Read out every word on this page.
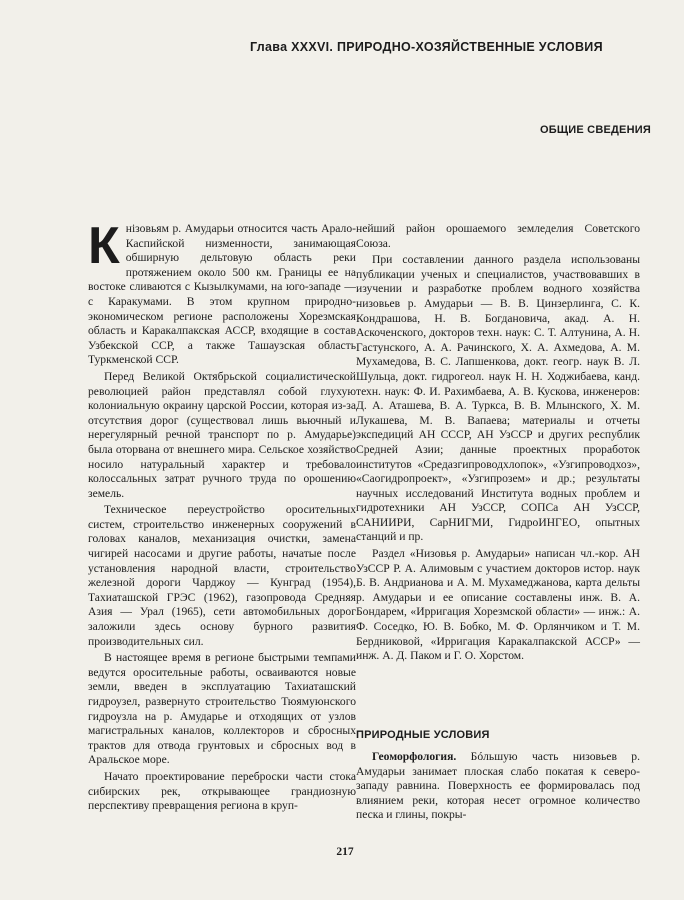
Глава XXXVI. ПРИРОДНО-ХОЗЯЙСТВЕННЫЕ УСЛОВИЯ
ОБЩИЕ СВЕДЕНИЯ

Кнізовьям р. Амударьи относится часть Арало-Каспийской низменности, занимающая обширную дельтовую область реки протяжением около 500 км. Границы ее на востоке сливаются с Кызылкумами, на юго-западе — с Каракумами. В этом крупном природно-экономическом регионе расположены Хорезмская область и Каракалпакская АССР, входящие в состав Узбекской ССР, а также Ташаузская область Туркменской ССР.

Перед Великой Октябрьской социалистической революцией район представлял собой глухую колониальную окраину царской России, которая из-за отсутствия дорог (существовал лишь вьючный и нерегулярный речной транспорт по р. Амударье) была оторвана от внешнего мира. Сельское хозяйство носило натуральный характер и требовало колоссальных затрат ручного труда по орошению земель.

Техническое переустройство оросительных систем, строительство инженерных сооружений в головах каналов, механизация очистки, замена чигирей насосами и другие работы, начатые после установления народной власти, строительство железной дороги Чарджоу — Кунград (1954), Тахиаташской ГРЭС (1962), газопровода Средняя Азия — Урал (1965), сети автомобильных дорог заложили здесь основу бурного развития производительных сил.

В настоящее время в регионе быстрыми темпами ведутся оросительные работы, осваиваются новые земли, введен в эксплуатацию Тахиаташский гидроузел, развернуто строительство Тюямуюнского гидроузла на р. Амударье и отходящих от узлов магистральных каналов, коллекторов и сбросных трактов для отвода грунтовых и сбросных вод в Аральское море.

Начато проектирование переброски части стока сибирских рек, открывающее грандиозную перспективу превращения региона в круп-

нейший район орошаемого земледелия Советского Союза.

При составлении данного раздела использованы публикации ученых и специалистов, участвовавших в изучении и разработке проблем водного хозяйства низовьев р. Амударьи — В. В. Цинзерлинга, С. К. Кондрашова, Н. В. Богдановича, акад. А. Н. Аскоченского, докторов техн. наук: С. Т. Алтунина, А. Н. Гастунского, А. А. Рачинского, Х. А. Ахмедова, А. М. Мухамедова, В. С. Лапшенкова, докт. геогр. наук В. Л. Шульца, докт. гидрогеол. наук Н. Н. Ходжибаева, канд. техн. наук: Ф. И. Рахимбаева, А. В. Кускова, инженеров: Д. А. Аташева, В. А. Туркса, В. В. Млынского, Х. М. Лукашева, М. В. Вапаева; материалы и отчеты экспедиций АН СССР, АН УзССР и других республик Средней Азии; данные проектных проработок институтов «Средазгипроводхлопок», «Узгипроводхоз», «Саогидропроект», «Узгипрозем» и др.; результаты научных исследований Института водных проблем и гидротехники АН УзССР, СОПСа АН УзССР, САНИИРИ, СарНИГМИ, ГидроИНГЕО, опытных станций и пр.

Раздел «Низовья р. Амударьи» написан чл.-кор. АН УзССР Р. А. Алимовым с участием докторов истор. наук Б. В. Андрианова и А. М. Мухамеджанова, карта дельты р. Амударьи и ее описание составлены инж. В. А. Бондарем, «Ирригация Хорезмской области» — инж.: А. Ф. Соседко, Ю. В. Бобко, М. Ф. Орлянчиком и Т. М. Бердниковой, «Ирригация Каракалпакской АССР» — инж. А. Д. Паком и Г. О. Хорстом.

ПРИРОДНЫЕ УСЛОВИЯ

Геоморфология. Бóльшую часть низовьев р. Амударьи занимает плоская слабо покатая к северо-западу равнина. Поверхность ее формировалась под влиянием реки, которая несет огромное количество песка и глины, покры-

217
